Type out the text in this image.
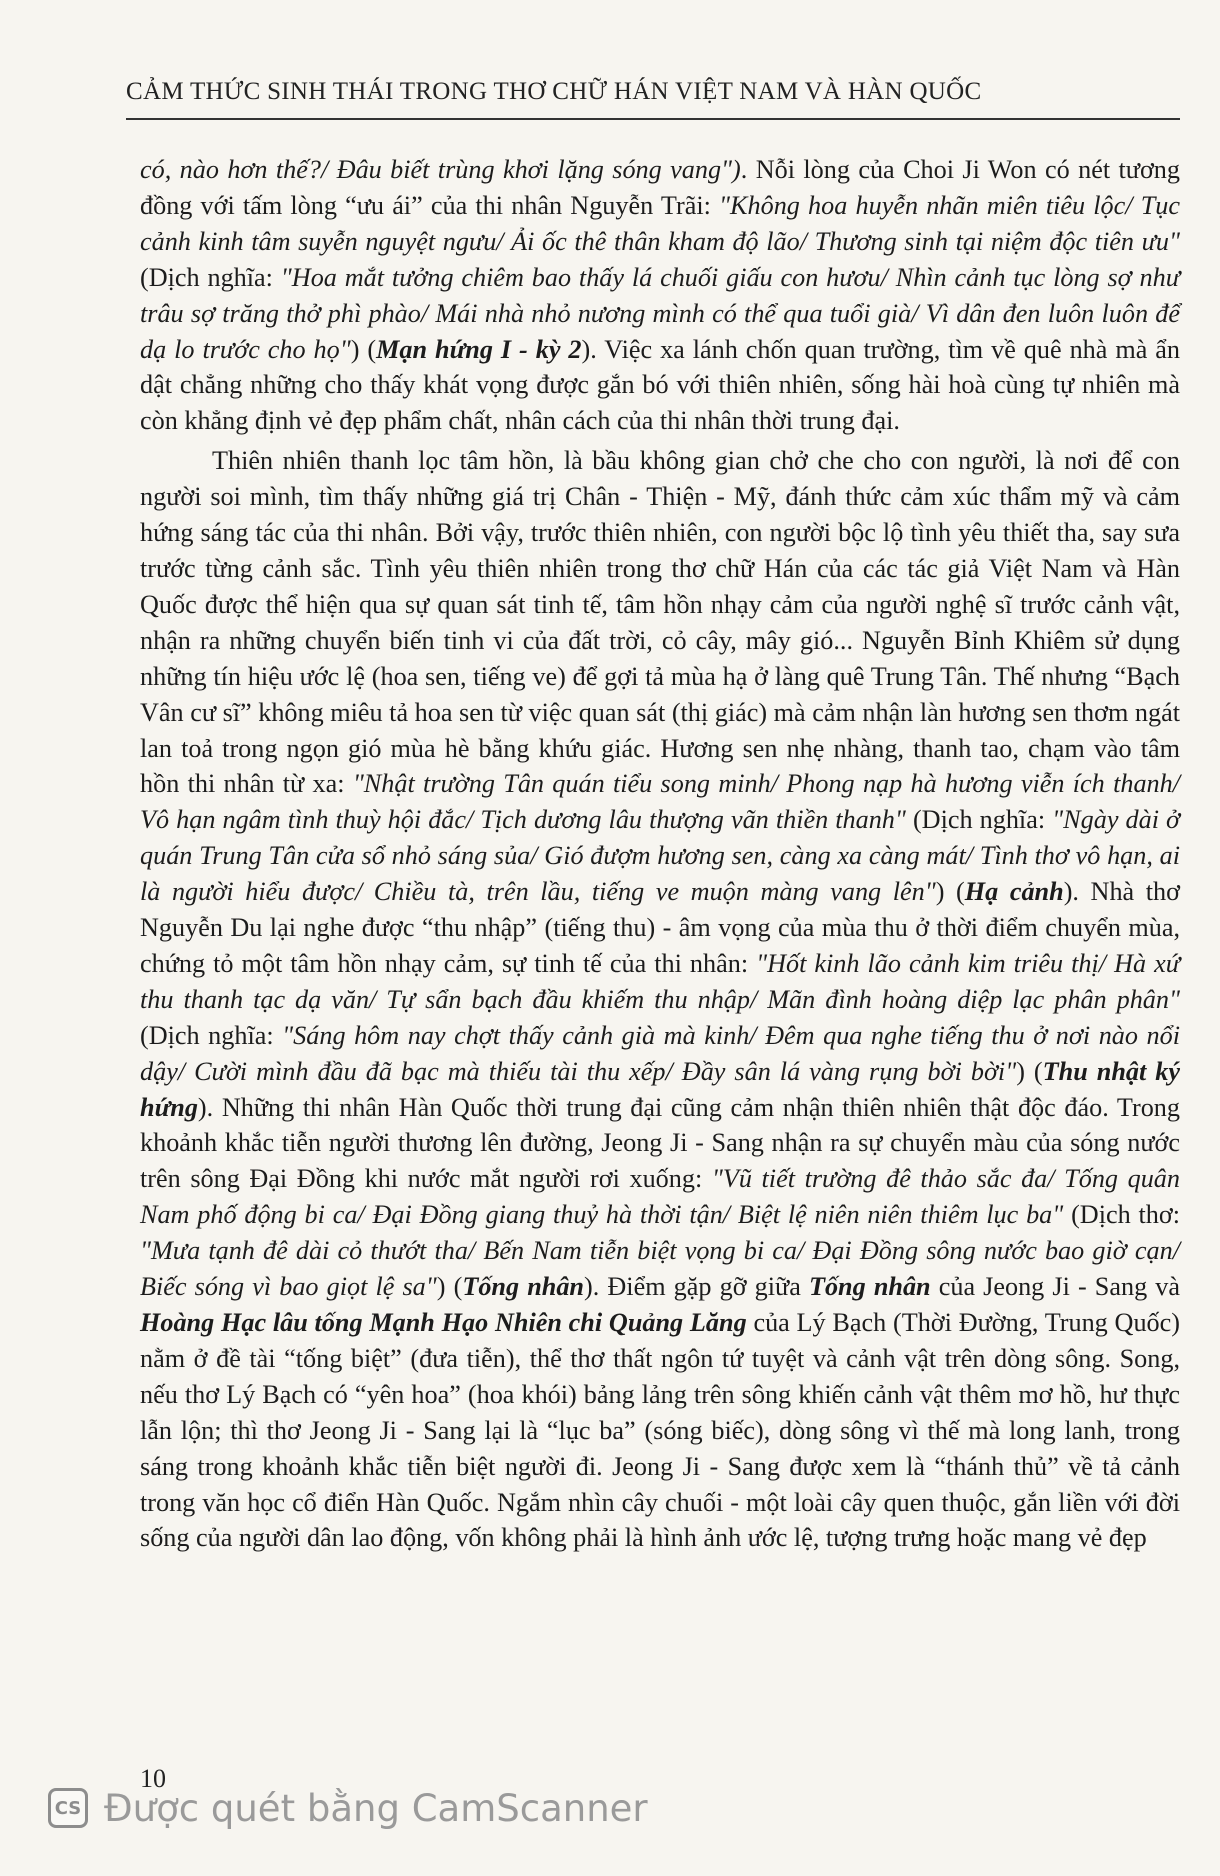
CẢM THỨC SINH THÁI TRONG THƠ CHỮ HÁN VIỆT NAM VÀ HÀN QUỐC

có, nào hơn thế?/ Đâu biết trùng khơi lặng sóng vang"). Nỗi lòng của Choi Ji Won có nét tương đồng với tấm lòng “ưu ái” của thi nhân Nguyễn Trãi: "Không hoa huyễn nhãn miên tiêu lộc/ Tục cảnh kinh tâm suyễn nguyệt ngưu/ Ải ốc thê thân kham độ lão/ Thương sinh tại niệm độc tiên ưu" (Dịch nghĩa: "Hoa mắt tưởng chiêm bao thấy lá chuối giấu con hươu/ Nhìn cảnh tục lòng sợ như trâu sợ trăng thở phì phào/ Mái nhà nhỏ nương mình có thể qua tuổi già/ Vì dân đen luôn luôn để dạ lo trước cho họ") (Mạn hứng I - kỳ 2). Việc xa lánh chốn quan trường, tìm về quê nhà mà ẩn dật chẳng những cho thấy khát vọng được gắn bó với thiên nhiên, sống hài hoà cùng tự nhiên mà còn khẳng định vẻ đẹp phẩm chất, nhân cách của thi nhân thời trung đại.

Thiên nhiên thanh lọc tâm hồn, là bầu không gian chở che cho con người, là nơi để con người soi mình, tìm thấy những giá trị Chân - Thiện - Mỹ, đánh thức cảm xúc thẩm mỹ và cảm hứng sáng tác của thi nhân. Bởi vậy, trước thiên nhiên, con người bộc lộ tình yêu thiết tha, say sưa trước từng cảnh sắc. Tình yêu thiên nhiên trong thơ chữ Hán của các tác giả Việt Nam và Hàn Quốc được thể hiện qua sự quan sát tinh tế, tâm hồn nhạy cảm của người nghệ sĩ trước cảnh vật, nhận ra những chuyển biến tinh vi của đất trời, cỏ cây, mây gió... Nguyễn Bỉnh Khiêm sử dụng những tín hiệu ước lệ (hoa sen, tiếng ve) để gợi tả mùa hạ ở làng quê Trung Tân. Thế nhưng “Bạch Vân cư sĩ” không miêu tả hoa sen từ việc quan sát (thị giác) mà cảm nhận làn hương sen thơm ngát lan toả trong ngọn gió mùa hè bằng khứu giác. Hương sen nhẹ nhàng, thanh tao, chạm vào tâm hồn thi nhân từ xa: "Nhật trường Tân quán tiểu song minh/ Phong nạp hà hương viễn ích thanh/ Vô hạn ngâm tình thuỳ hội đắc/ Tịch dương lâu thượng vãn thiền thanh" (Dịch nghĩa: "Ngày dài ở quán Trung Tân cửa sổ nhỏ sáng sủa/ Gió đượm hương sen, càng xa càng mát/ Tình thơ vô hạn, ai là người hiểu được/ Chiều tà, trên lầu, tiếng ve muộn màng vang lên") (Hạ cảnh). Nhà thơ Nguyễn Du lại nghe được “thu nhập” (tiếng thu) - âm vọng của mùa thu ở thời điểm chuyển mùa, chứng tỏ một tâm hồn nhạy cảm, sự tinh tế của thi nhân: "Hốt kinh lão cảnh kim triêu thị/ Hà xứ thu thanh tạc dạ văn/ Tự sẩn bạch đầu khiếm thu nhập/ Mãn đình hoàng diệp lạc phân phân" (Dịch nghĩa: "Sáng hôm nay chợt thấy cảnh già mà kinh/ Đêm qua nghe tiếng thu ở nơi nào nổi dậy/ Cười mình đầu đã bạc mà thiếu tài thu xếp/ Đầy sân lá vàng rụng bời bời") (Thu nhật ký hứng). Những thi nhân Hàn Quốc thời trung đại cũng cảm nhận thiên nhiên thật độc đáo. Trong khoảnh khắc tiễn người thương lên đường, Jeong Ji - Sang nhận ra sự chuyển màu của sóng nước trên sông Đại Đồng khi nước mắt người rơi xuống: "Vũ tiết trường đê thảo sắc đa/ Tống quân Nam phố động bi ca/ Đại Đồng giang thuỷ hà thời tận/ Biệt lệ niên niên thiêm lục ba" (Dịch thơ: "Mưa tạnh đê dài cỏ thướt tha/ Bến Nam tiễn biệt vọng bi ca/ Đại Đồng sông nước bao giờ cạn/ Biếc sóng vì bao giọt lệ sa") (Tống nhân). Điểm gặp gỡ giữa Tống nhân của Jeong Ji - Sang và Hoàng Hạc lâu tống Mạnh Hạo Nhiên chi Quảng Lăng của Lý Bạch (Thời Đường, Trung Quốc) nằm ở đề tài “tống biệt” (đưa tiễn), thể thơ thất ngôn tứ tuyệt và cảnh vật trên dòng sông. Song, nếu thơ Lý Bạch có “yên hoa” (hoa khói) bảng lảng trên sông khiến cảnh vật thêm mơ hồ, hư thực lẫn lộn; thì thơ Jeong Ji - Sang lại là “lục ba” (sóng biếc), dòng sông vì thế mà long lanh, trong sáng trong khoảnh khắc tiễn biệt người đi. Jeong Ji - Sang được xem là “thánh thủ” về tả cảnh trong văn học cổ điển Hàn Quốc. Ngắm nhìn cây chuối - một loài cây quen thuộc, gắn liền với đời sống của người dân lao động, vốn không phải là hình ảnh ước lệ, tượng trưng hoặc mang vẻ đẹp

10
CS Được quét bằng CamScanner
